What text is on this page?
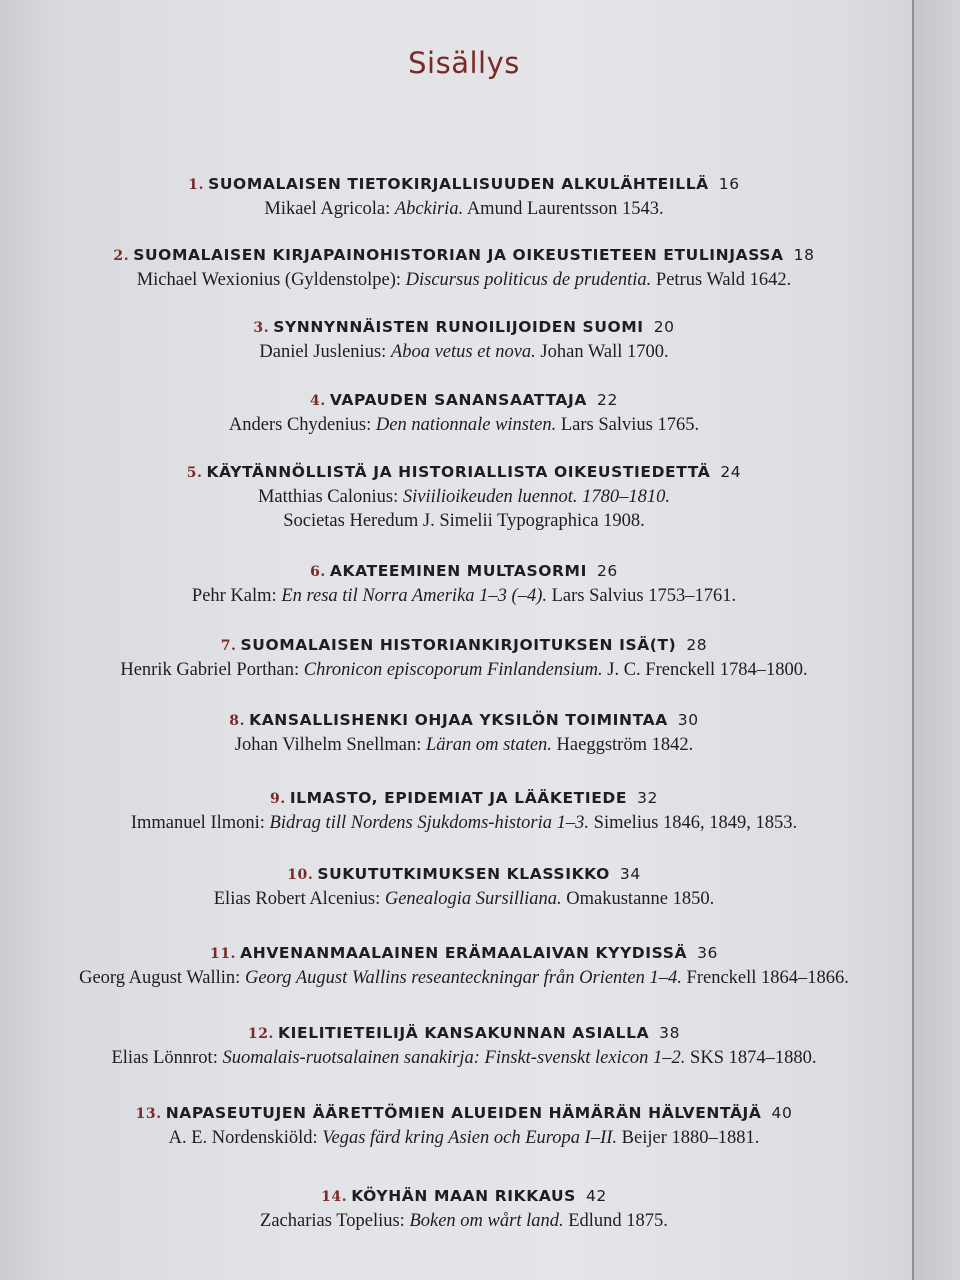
Sisällys
1. SUOMALAISEN TIETOKIRJALLISUUDEN ALKULÄHTEILLÄ 16
Mikael Agricola: Abckiria. Amund Laurentsson 1543.
2. SUOMALAISEN KIRJAPAINOHISTORIAN JA OIKEUSTIETEEN ETULINJASSA 18
Michael Wexionius (Gyldenstolpe): Discursus politicus de prudentia. Petrus Wald 1642.
3. SYNNYNNÄISTEN RUNOILIJOIDEN SUOMI 20
Daniel Juslenius: Aboa vetus et nova. Johan Wall 1700.
4. VAPAUDEN SANANSAATTAJA 22
Anders Chydenius: Den nationnale winsten. Lars Salvius 1765.
5. KÄYTÄNNÖLLISTÄ JA HISTORIALLISTA OIKEUSTIEDETTÄ 24
Matthias Calonius: Siviilioikeuden luennot. 1780–1810.
Societas Heredum J. Simelii Typographica 1908.
6. AKATEEMINEN MULTASORMI 26
Pehr Kalm: En resa til Norra Amerika 1–3 (–4). Lars Salvius 1753–1761.
7. SUOMALAISEN HISTORIANKIRJOITUKSEN ISÄ(T) 28
Henrik Gabriel Porthan: Chronicon episcoporum Finlandensium. J. C. Frenckell 1784–1800.
8. KANSALLISHENKI OHJAA YKSILÖN TOIMINTAA 30
Johan Vilhelm Snellman: Läran om staten. Haeggström 1842.
9. ILMASTO, EPIDEMIAT JA LÄÄKETIEDE 32
Immanuel Ilmoni: Bidrag till Nordens Sjukdoms-historia 1–3. Simelius 1846, 1849, 1853.
10. SUKUTUTKIMUKSEN KLASSIKKO 34
Elias Robert Alcenius: Genealogia Sursilliana. Omakustanne 1850.
11. AHVENANMAALAINEN ERÄMAALAIVAN KYYDISSÄ 36
Georg August Wallin: Georg August Wallins reseanteckningar från Orienten 1–4. Frenckell 1864–1866.
12. KIELITIETEILIJÄ KANSAKUNNAN ASIALLA 38
Elias Lönnrot: Suomalais-ruotsalainen sanakirja: Finskt-svenskt lexicon 1–2. SKS 1874–1880.
13. NAPASEUTUJEN ÄÄRETTÖMIEN ALUEIDEN HÄMÄRÄN HÄLVENTÄJÄ 40
A. E. Nordenskiöld: Vegas färd kring Asien och Europa I–II. Beijer 1880–1881.
14. KÖYHÄN MAAN RIKKAUS 42
Zacharias Topelius: Boken om wårt land. Edlund 1875.
